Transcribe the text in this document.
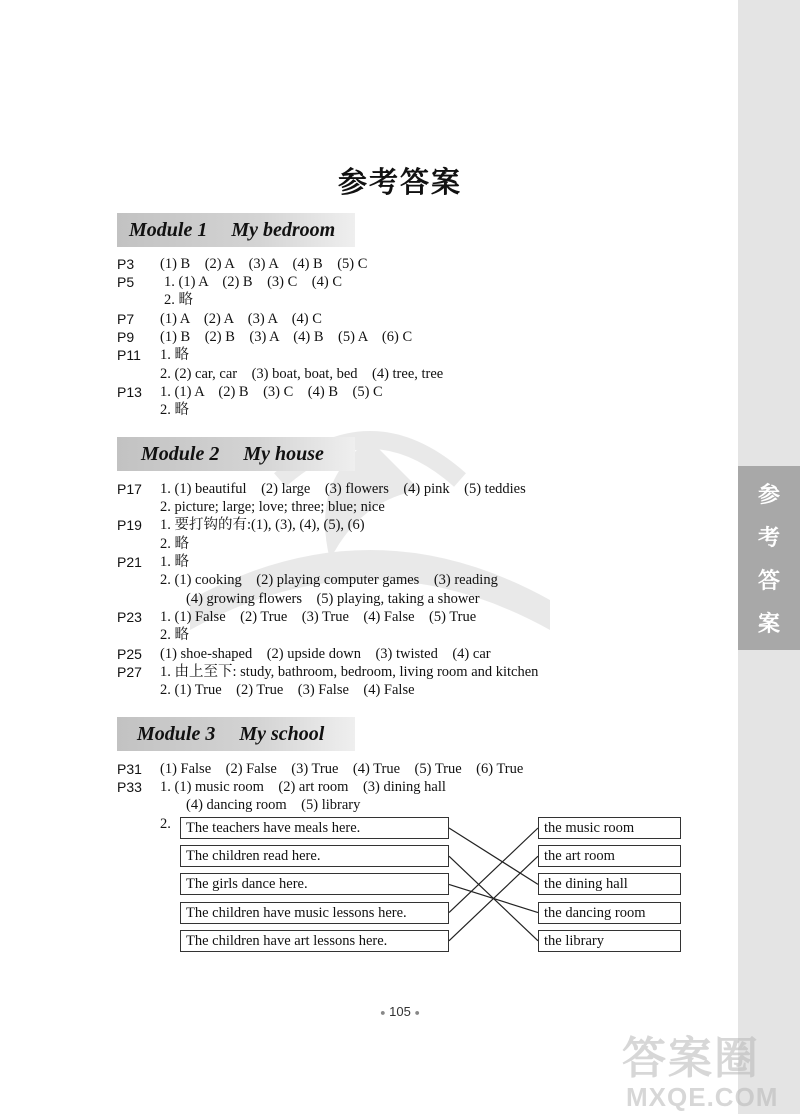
参
考
答
案
参考答案
Module 1	My bedroom
P3 (1) B    (2) A    (3) A    (4) B    (5) C
P5 1. (1) A    (2) B    (3) C    (4) C
2. 略
P7 (1) A    (2) A    (3) A    (4) C
P9 (1) B    (2) B    (3) A    (4) B    (5) A    (6) C
P11 1. 略
2. (2) car, car    (3) boat, boat, bed    (4) tree, tree
P13 1. (1) A    (2) B    (3) C    (4) B    (5) C
2. 略
Module 2	My house
P17 1. (1) beautiful    (2) large    (3) flowers    (4) pink    (5) teddies
2. picture; large; love; three; blue; nice
P19 1. 要打钩的有:(1), (3), (4), (5), (6)
2. 略
P21 1. 略
2. (1) cooking    (2) playing computer games    (3) reading
(4) growing flowers    (5) playing, taking a shower
P23 1. (1) False    (2) True    (3) True    (4) False    (5) True
2. 略
P25 (1) shoe-shaped    (2) upside down    (3) twisted    (4) car
P27 1. 由上至下: study, bathroom, bedroom, living room and kitchen
2. (1) True    (2) True    (3) False    (4) False
Module 3	My school
P31 (1) False    (2) False    (3) True    (4) True    (5) True    (6) True
P33 1. (1) music room    (2) art room    (3) dining hall
(4) dancing room    (5) library
2.	The teachers have meals here.
The children read here.
The girls dance here.
The children have music lessons here.
The children have art lessons here.
the music room
the art room
the dining hall
the dancing room
the library
● 105 ●
答案圈
MXQE.COM
